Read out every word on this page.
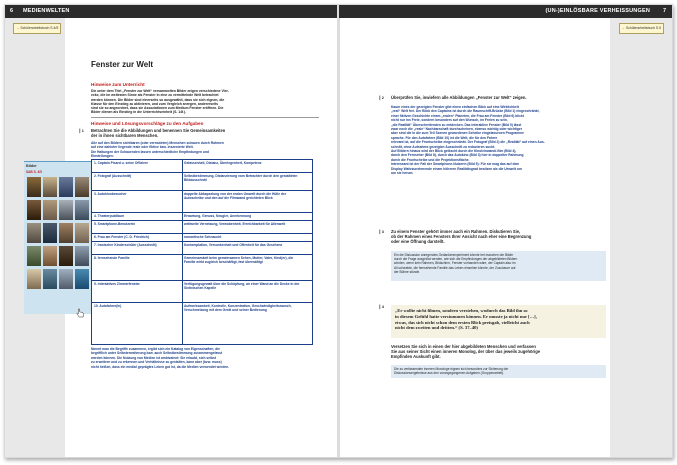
6 MEDIENWELTEN
→ Schülerarbeitsbuch S.4/5
Fenster zur Welt
Hinweise zum Unterricht
Die unter dem Titel „Fenster zur Welt“ versammelten Bilder zeigen verschiedene Vier-
ecke, die im weitesten Sinne als Fenster in eine zu vermittelnde Welt betrachtet
werden können. Die Bilder sind einerseits so ausgewählt, dass sie sich eignen, die
Klasse für den Einstieg zu aktivieren, und zum Vergleich anregen, andererseits
sind sie so angeordnet, dass sie Assoziationen zum Medium Fenster eröffnen. Die
Bilder dienen als Einstieg in die Unterrichtseinheit (S. 14f.).
Hinweise und Lösungsvorschläge zu den Aufgaben
▌1 Betrachten Sie die Abbildungen und benennen Sie Gemeinsamkeiten
der in ihnen sichtbaren Menschen.
Alle auf den Bildern sichtbaren (oder vermuteten) Menschen schauen durch Rahmen
auf eine dahinter liegende reale oder fiktive bzw. inszenierte Welt.
Die Haltungen der Schauenden lassen unterschiedliche Empfindungen und
Einstellungen:
Bilder
SAB S. 4/5
1. Captain Picard u. seine Offiziere	Gelassenheit, Distanz, Überlegenheit, Kompetenz
2. Fotograf (Ausschnitt)	Selbstbestimmung, Distanzierung vom Betrachter durch den gestalteten Bildausschnitt
3. Autokinobesucher	doppelte Abkapselung von der realen Umwelt durch die Hülle der Autoscheibe und den auf die Filmwand gerichteten Blick
4. Theaterpublikum	Erwartung, Genuss, Neugier, Anerkennung
5. Smartphone-Benutzerin	weltweite Vernetzung, Verwobenheit, Erreichbarkeit für Allenwelt
6. Frau am Fenster (C. D. Friedrich)	romantische Sehnsucht
7. Iranischer Kinderschüler (Ausschnitt)	Kontemplation, Versunkenheit und Offenheit für das Gesehene
8. fernsehende Familie	Gemeinsamkeit beim gemeinsamen Sehen, Mutter, Vater, Kind(er), die Familie wirkt zugleich beschäftigt, fast überwältigt
9. interaktives Zimmerfenster	Verfügungsgewalt über die Schöpfung, an einer Wand an die Decke in der Sixtinischen Kapelle
10. Autofahrer(in)	Aufmerksamkeit, Kontrolle, Konzentration, Geschwindigkeitsrausch, Verschmelzung mit dem Gerät und seiner Bedienung
Nimmt man die Begriffe zusammen, ergibt sich ein Katalog von Eigenschaften, die
begrifflich unter Selbsterweiterung bzw. auch Selbstbestimmung zusammengefasst
werden können. Die Nutzung von Medien ist ambivalent: Sie erlaubt, sich selbst
zu erweitern und zu erkennen und Verhältnisse zu gestalten, kann aber (bzw. muss)
nicht heißen, dass ein medial geprägtes Leben gut ist, da die Medien verwendet werden.
(UN-)EINLÖSBARE VERHEISSUNGEN 7
→ Schülerarbeitsbuch S.5
▌2 Überprüfen Sie, inwiefern alle Abbildungen „Fenster zur Welt“ zeigen.
Kaum eines der gezeigten Fenster gibt einen einfachen Blick auf eine Wirklichkeit
„real“ Welt frei. Der Blick des Captains ist durch die Raumschiff-Brücke (Bild 1) eingeschränkt,
einer fiktiven Geschichte einem „realen“ Planeten, die Frau am Fenster (Bild 6) blickt
nicht nur ins Freie, sondern besonders auf den Wunsch, im Freien zu sein.
„die Realität“ Überschreitenden zu entdecken. Das interaktive Fenster (Bild 9) lässt
zwar noch die „reale“ Nachbarschaft durchscheinen, ebenso wichtig oder wichtiger
aber sind die in die zum Teil Szenen gewordenen Scheibe eingelassenen Programme
sprache. Für den Autofahrer (Bild 10) ist die Welt, die für den Fahrer
relevant ist, auf die Frontscheibe eingeschränkt. Der Fotograf (Bild 2) die „Realität“ auf einen Aus-
schnitt, ohne Aufnahme gezeigten Ausschnitt zu reduzieren sucht.
Auf Bildern hinaus wird der Blick gelöscht durch die Kinoleinwand/-film (Bild 4),
durch den Fernseher (Bild 8), durch das Autokino (Bild 3) hier in doppelter Rahmung
durch die Frontscheibe und die Projektionsfläche.
Interessant ist der Fall der Smartphone-Nutzerin (Bild 5): Für sie mag das auf dem
Display Wahrzunehmende einem höheren Realitätsgrad besitzen als die Umwelt um
um sie herum.
▌3 Zu einem Fenster gehört immer auch ein Rahmen. Diskutieren Sie,
ob der Rahmen eines Fensters Ihrer Ansicht nach eher eine Begrenzung
oder eine Öffnung darstellt.
Ein die Diskussion anregendes Gedankenexperiment könnte bei manchen der Bilder
durch die Frage ausgelöst werden, wie sich die Empfindungen der abgebildeten Bildern
würden, wenn kein Rahmen, Bildschirm, Fenster vorhanden wäre, der Captain also im
All schwebte, die fernsehende Familie das Leben einsehen könnte, der Zuschauer auf
der Bühne stünde.
▌4
„Er wollte nicht filmen, sondern verstehen, wodurch das Bild ihn so
in diesem Gefühl hatte verstummen können. Er musste ja nicht nur […],
etwas, das sich nicht schon dem ersten Blick preisgab, vielleicht auch
nicht dem zweiten und dritten.“ (S. 37–40)
Versetzen Sie sich in einen der hier abgebildeten Menschen und verfassen
Sie aus seiner Sicht einen inneren Monolog, der über das jeweils zugehörige
Empfinden Auskunft gibt.
Die zu verfassenden inneren Monologe eignen sich besonders zur Sicherung der
Diskussionsergebnisse aus den vorangegangenen Aufgaben (Gruppenarbeit).
